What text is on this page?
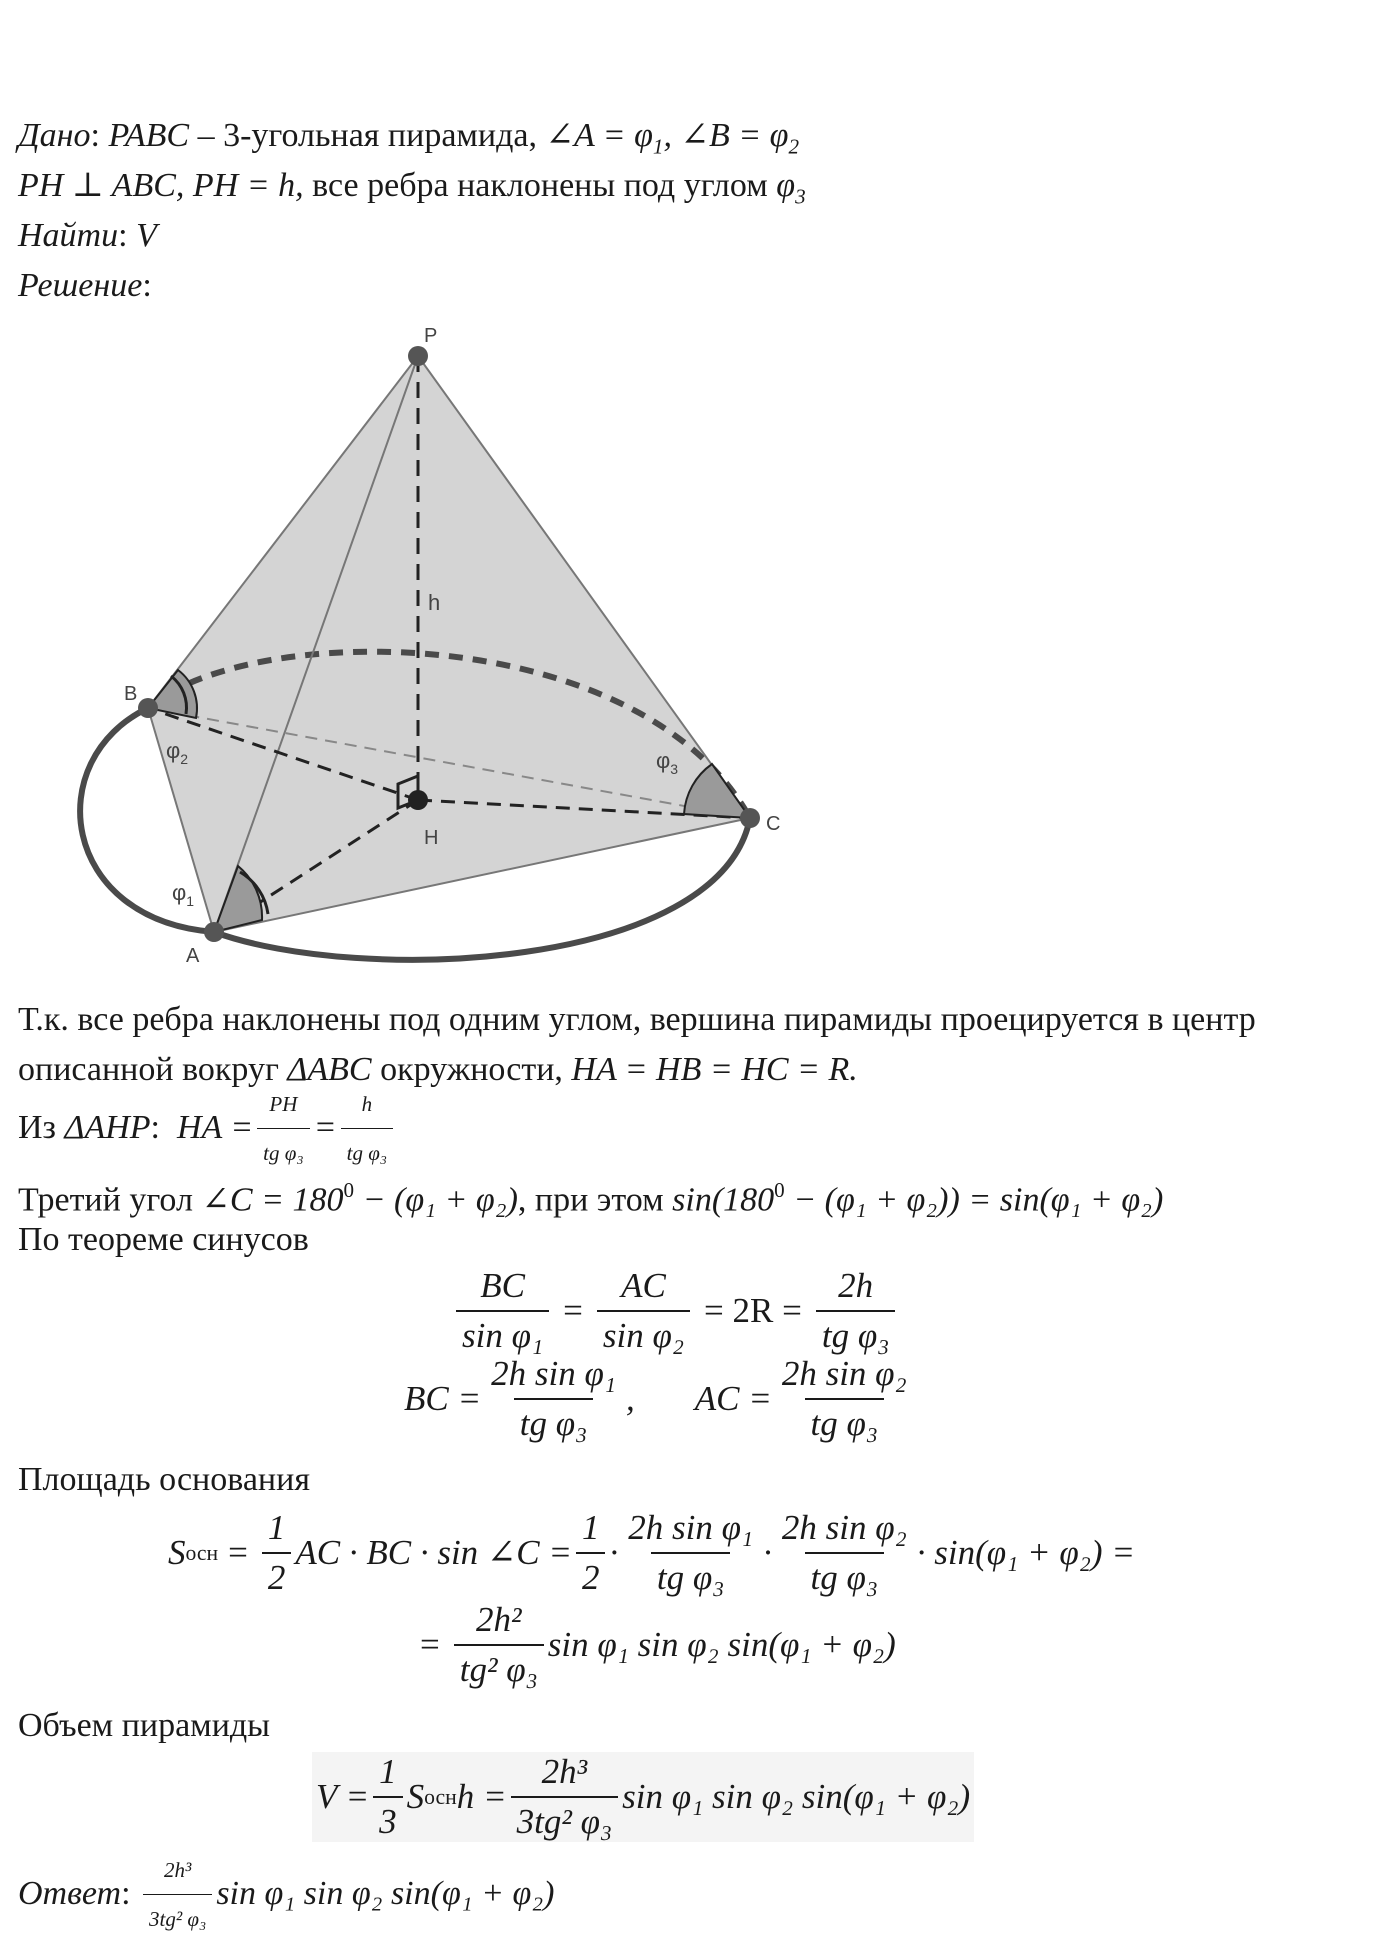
Дано: PABC – 3-угольная пирамида, ∠A = $\varphi_1$, ∠B = $\varphi_2$
PH ⊥ ABC, PH = h, все ребра наклонены под углом $\varphi_3$
Найти: V
Решение:
P
B
C
A
H
h
$\varphi_2$
$\varphi_1$
$\varphi_3$
Т.к. все ребра наклонены под одним углом, вершина пирамиды проецируется в центр
описанной вокруг ΔABC окружности, HA = HB = HC = R.
Из
ΔAHP :
HA = $\frac{PH}{\text{tg φ₃}} = \frac{h}{\text{tg φ₃}}$
Третий угол ∠C = $180^0 - (\varphi_1 + \varphi_2)$, при этом $\sin(180^0 - (\varphi_1 + \varphi_2)) = \sin(\varphi_1 + \varphi_2)$
По теореме синусов
$\frac{BC}{\text{sin φ₁}} = \frac{AC}{\text{sin φ₂}} = 2R = \frac{2h}{\text{tg φ₃}}$
BC = $\frac{\text{2h sin φ₁}}{\text{tg φ₃}}$ , AC = $\frac{\text{2h sin φ₂}}{\text{tg φ₃}}$
Площадь основания
S осн = $\frac{1}{2}$ AC · BC · sin ∠C = $\frac{1}{2} \cdot \frac{\text{2h sin φ₁}}{\text{tg φ₃}} \cdot \frac{\text{2h sin φ₂}}{\text{tg φ₃}} \cdot \sin(\varphi_1 + \varphi_2)$ =
= $\frac{\text{2h²}}{\text{tg² φ₃}}$ sin φ₁ sin φ₂ sin(φ₁ + φ₂)
Объем пирамиды
$V = \frac{1}{3}$ S осн $h = \frac{\text{2h³}}{\text{3tg² φ₃}}$ sin φ₁ sin φ₂ sin(φ₁ + φ₂)
Ответ : $\frac{\text{2h³}}{\text{3tg² φ₃}}$ sin φ₁ sin φ₂ sin(φ₁ + φ₂)
